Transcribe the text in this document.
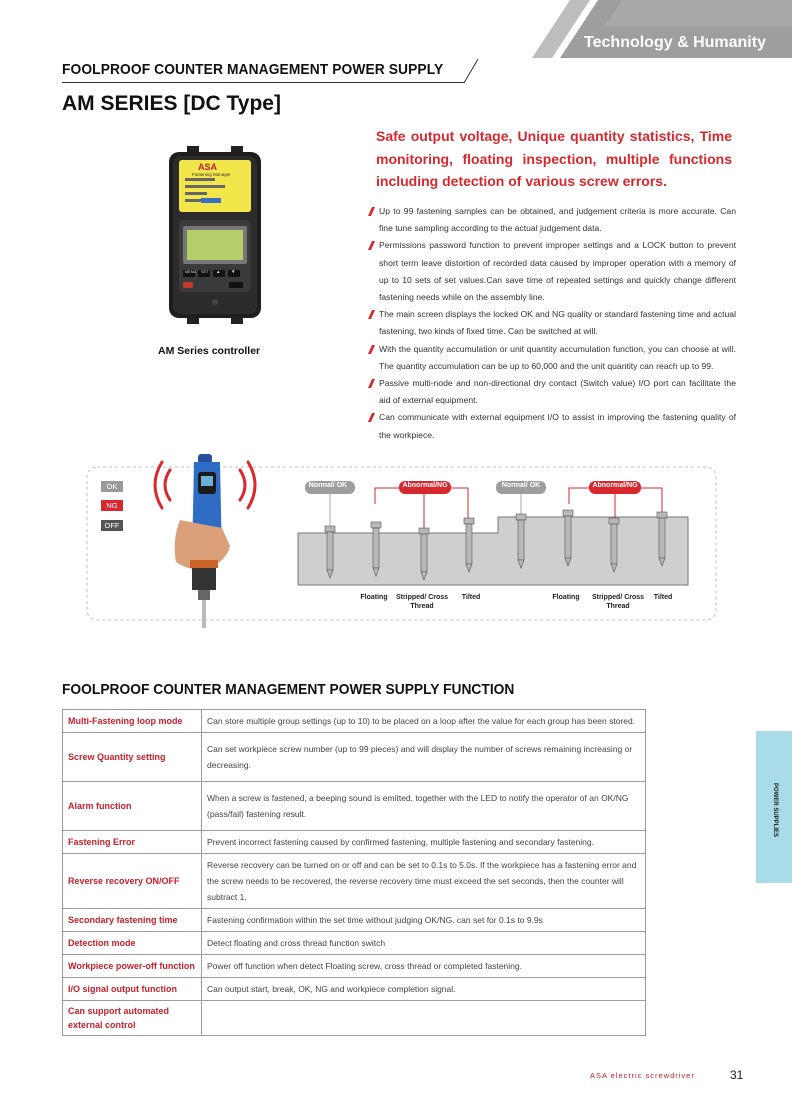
Technology & Humanity
FOOLPROOF COUNTER MANAGEMENT POWER SUPPLY
AM SERIES [DC Type]
ASA
Fastening Manager
MENU SET ▲ ▼
AM Series controller
Safe output voltage, Unique quantity statistics, Time monitoring, floating inspection, multiple functions including detection of various screw errors.
Up to 99 fastening samples can be obtained, and judgement criteria is more accurate. Can fine tune sampling according to the actual judgement data.
Permissions password function to prevent improper settings and a LOCK button to prevent short term leave distortion of recorded data caused by improper operation with a memory of up to 10 sets of set values.Can save time of repeated settings and quickly change different fastening needs while on the assembly line.
The main screen displays the locked OK and NG quality or standard fastening time and actual fastening, two kinds of fixed time. Can be switched at will.
With the quantity accumulation or unit quantity accumulation function, you can choose at will. The quantity accumulation can be up to 60,000 and the unit quantity can reach up to 99.
Passive multi-node and non-directional dry contact (Switch value) I/O port can facilitate the aid of external equipment.
Can communicate with external equipment I/O to assist in improving the fastening quality of the workpiece.
Normal/ OK	Abnormal/NG	Normal/ OK	Abnormal/NG
Floating	Stripped/ Cross Thread
Tilted	Floating	Stripped/ Cross Thread
Tilted
OK
NG
OFF
FOOLPROOF COUNTER MANAGEMENT POWER SUPPLY FUNCTION
Multi-Fastening loop mode	Can store multiple group settings (up to 10) to be placed on a loop after the value for each group has been stored.
Screw Quantity setting	Can set workpiece screw number (up to 99 pieces) and will display the number of screws remaining increasing or decreasing.
Alarm function	When a screw is fastened, a beeping sound is emitted, together with the LED to notify the operator of an OK/NG (pass/fail) fastening result.
Fastening Error	Prevent incorrect fastening caused by confirmed fastening, multiple fastening and secondary fastening.
Reverse recovery ON/OFF	Reverse recovery can be turned on or off and can be set to 0.1s to 5.0s. If the workpiece has a fastening error and the screw needs to be recovered, the reverse recovery time must exceed the set seconds, then the counter will subtract 1.
Secondary fastening time	Fastening confirmation within the set time without judging OK/NG. can set for 0.1s to 9.9s
Detection mode	Detect floating and cross thread function switch
Workpiece power-off function	Power off function when detect Floating screw, cross thread or completed fastening.
I/O signal output function	Can output start, break, OK, NG and workpiece completion signal.
Can support automated external control	
POWER SUPPLIES
ASA electric screwdriver	31
